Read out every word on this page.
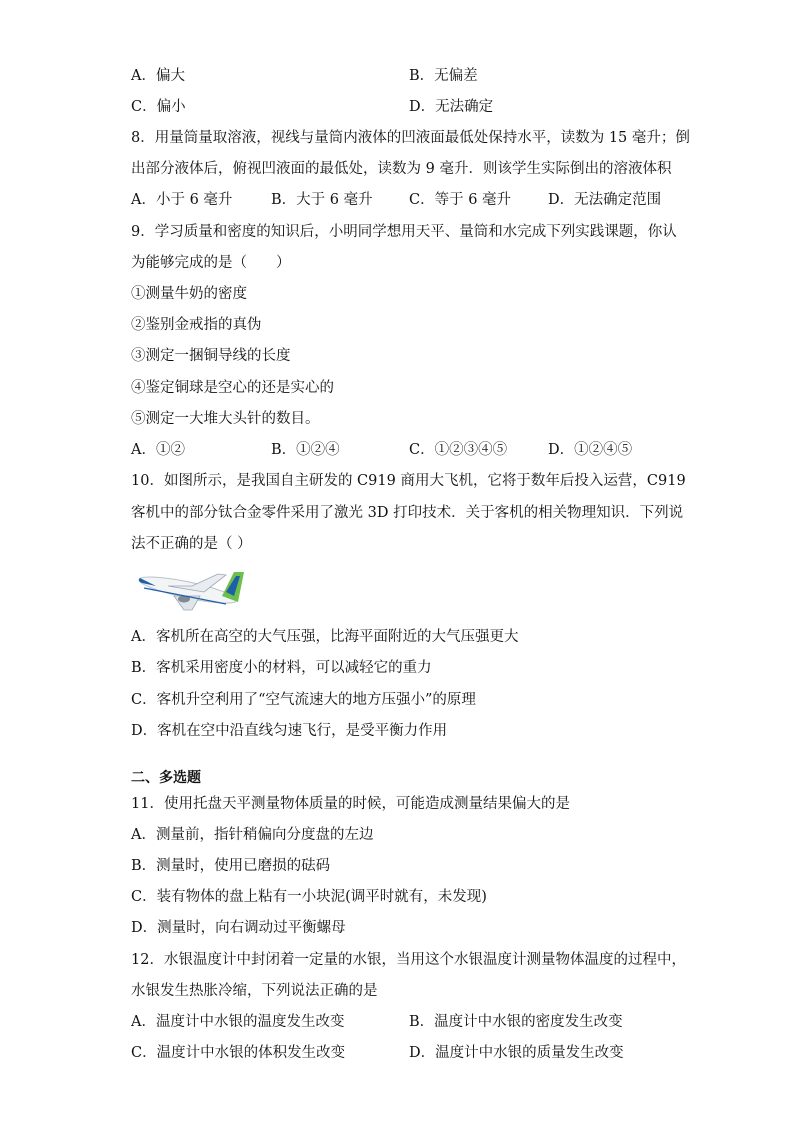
A．偏大	B．无偏差
C．偏小	D．无法确定
8．用量筒量取溶液，视线与量筒内液体的凹液面最低处保持水平，读数为 15 毫升；倒
出部分液体后，俯视凹液面的最低处，读数为 9 毫升．则该学生实际倒出的溶液体积
A．小于 6 毫升	B．大于 6 毫升	C．等于 6 毫升	D．无法确定范围
9．学习质量和密度的知识后，小明同学想用天平、量筒和水完成下列实践课题，你认
为能够完成的是（　　）
①测量牛奶的密度
②鉴别金戒指的真伪
③测定一捆铜导线的长度
④鉴定铜球是空心的还是实心的
⑤测定一大堆大头针的数目。
A．①②	B．①②④	C．①②③④⑤	D．①②④⑤
10．如图所示，是我国自主研发的 C919 商用大飞机，它将于数年后投入运营，C919
客机中的部分钛合金零件采用了激光 3D 打印技术．关于客机的相关物理知识．下列说
法不正确的是（ ）
A．客机所在高空的大气压强，比海平面附近的大气压强更大
B．客机采用密度小的材料，可以减轻它的重力
C．客机升空利用了“空气流速大的地方压强小”的原理
D．客机在空中沿直线匀速飞行，是受平衡力作用
二、多选题
11．使用托盘天平测量物体质量的时候，可能造成测量结果偏大的是
A．测量前，指针稍偏向分度盘的左边
B．测量时，使用已磨损的砝码
C．装有物体的盘上粘有一小块泥(调平时就有，未发现)
D．测量时，向右调动过平衡螺母
12．水银温度计中封闭着一定量的水银，当用这个水银温度计测量物体温度的过程中，
水银发生热胀冷缩，下列说法正确的是
A．温度计中水银的温度发生改变	B．温度计中水银的密度发生改变
C．温度计中水银的体积发生改变	D．温度计中水银的质量发生改变
